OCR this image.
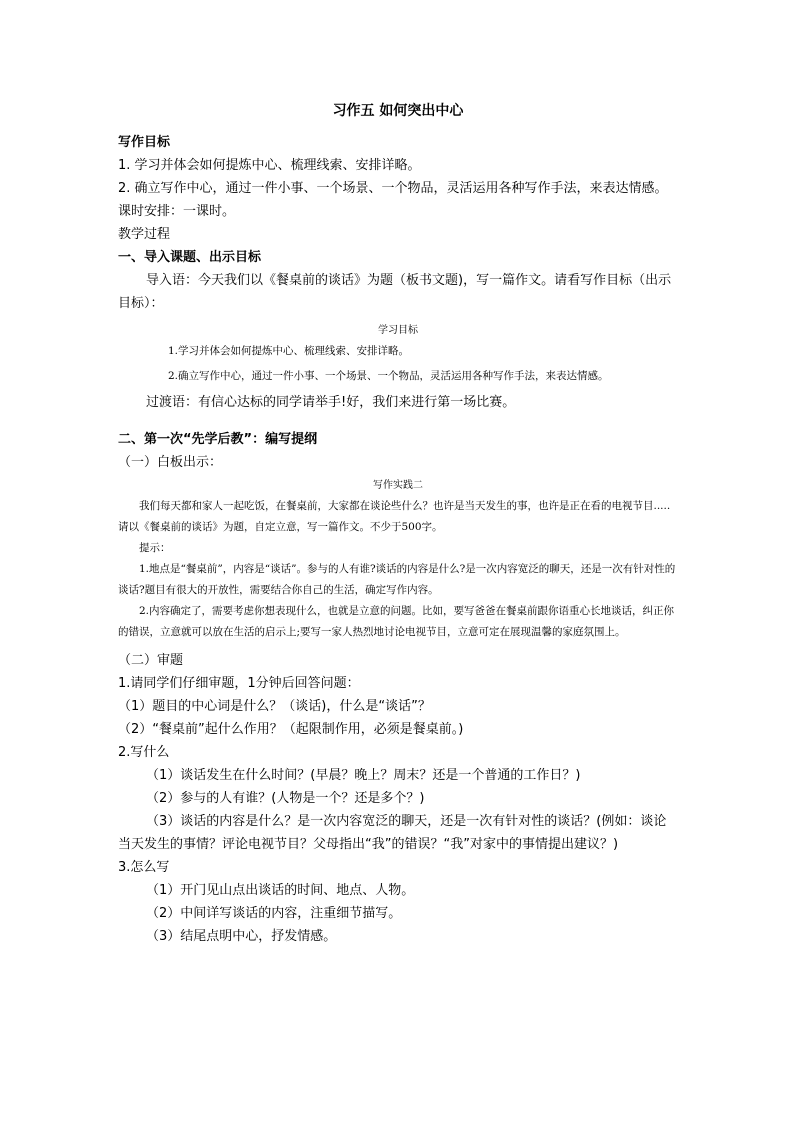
习作五 如何突出中心

写作目标

1. 学习并体会如何提炼中心、梳理线索、安排详略。

2. 确立写作中心，通过一件小事、一个场景、一个物品，灵活运用各种写作手法，来表达情感。

课时安排：一课时。

教学过程

一、导入课题、出示目标

导入语：今天我们以《餐桌前的谈话》为题（板书文题)，写一篇作文。请看写作目标（出示目标）：

学习目标

1.学习并体会如何提炼中心、梳理线索、安排详略。

2.确立写作中心，通过一件小事、一个场景、一个物品，灵活运用各种写作手法，来表达情感。

过渡语：有信心达标的同学请举手!好，我们来进行第一场比赛。

二、第一次“先学后教”：编写提纲

（一）白板出示：

写作实践二

我们每天都和家人一起吃饭，在餐桌前，大家都在谈论些什么？也许是当天发生的事，也许是正在看的电视节目.....请以《餐桌前的谈话》为题，自定立意，写一篇作文。不少于500字。

提示：

1.地点是“餐桌前”，内容是“谈话”。参与的人有谁?谈话的内容是什么?是一次内容宽泛的聊天，还是一次有针对性的谈话?题目有很大的开放性，需要结合你自己的生活，确定写作内容。

2.内容确定了，需要考虑你想表现什么，也就是立意的问题。比如，要写爸爸在餐桌前跟你语重心长地谈话，纠正你的错误，立意就可以放在生活的启示上;要写一家人热烈地讨论电视节目，立意可定在展现温馨的家庭氛围上。

（二）审题

1.请同学们仔细审题，1分钟后回答问题：

（1）题目的中心词是什么？（谈话)，什么是“谈话”？

（2）“餐桌前”起什么作用？（起限制作用，必须是餐桌前。)

2.写什么

（1）谈话发生在什么时间？(早晨？晚上？周末？还是一个普通的工作日？)

（2）参与的人有谁？(人物是一个？还是多个？)

（3）谈话的内容是什么？是一次内容宽泛的聊天，还是一次有针对性的谈话？(例如：谈论当天发生的事情？评论电视节目？父母指出“我”的错误？“我”对家中的事情提出建议？)

3.怎么写

（1）开门见山点出谈话的时间、地点、人物。

（2）中间详写谈话的内容，注重细节描写。

（3）结尾点明中心，抒发情感。
